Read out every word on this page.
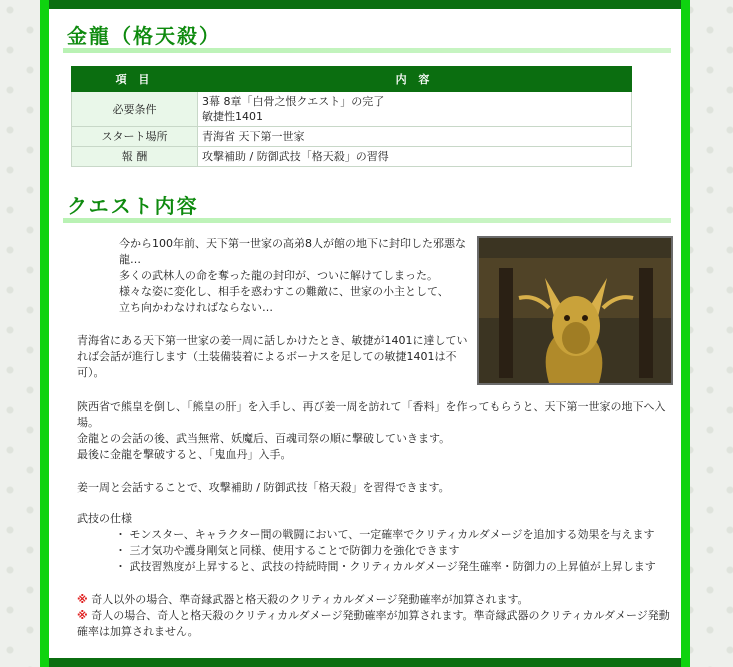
金龍（格天殺）
項 目	内 容
必要条件	3幕 8章「白骨之恨クエスト」の完了
敏捷性1401

スタート場所	青海省 天下第一世家
報 酬	攻撃補助 / 防御武技「格天殺」の習得
クエスト内容

今から100年前、天下第一世家の高弟8人が館の地下に封印した邪悪な龍…

多くの武林人の命を奪った龍の封印が、ついに解けてしまった。

様々な姿に変化し、相手を惑わすこの難敵に、世家の小主として、

立ち向かわなければならない…

青海省にある天下第一世家の姜一周に話しかけたとき、敏捷が1401に達していれば会話が進行します（土装備装着によるボーナスを足しての敏捷1401は不可）。

陝西省で熊皇を倒し、「熊皇の肝」を入手し、再び姜一周を訪れて「香料」を作ってもらうと、天下第一世家の地下へ入場。

金龍との会話の後、武当無常、妖魔后、百魂司祭の順に撃破していきます。

最後に金龍を撃破すると、「鬼血丹」入手。

姜一周と会話することで、攻撃補助 / 防御武技「格天殺」を習得できます。
武技の仕様

・ モンスター、キャラクター間の戦闘において、一定確率でクリティカルダメージを追加する効果を与えます

・ 三才気功や護身剛気と同様、使用することで防御力を強化できます

・ 武技習熟度が上昇すると、武技の持続時間・クリティカルダメージ発生確率・防御力の上昇値が上昇します

※ 奇人以外の場合、準奇縁武器と格天殺のクリティカルダメージ発動確率が加算されます。

※ 奇人の場合、奇人と格天殺のクリティカルダメージ発動確率が加算されます。準奇縁武器のクリティカルダメージ発動確率は加算されません。
